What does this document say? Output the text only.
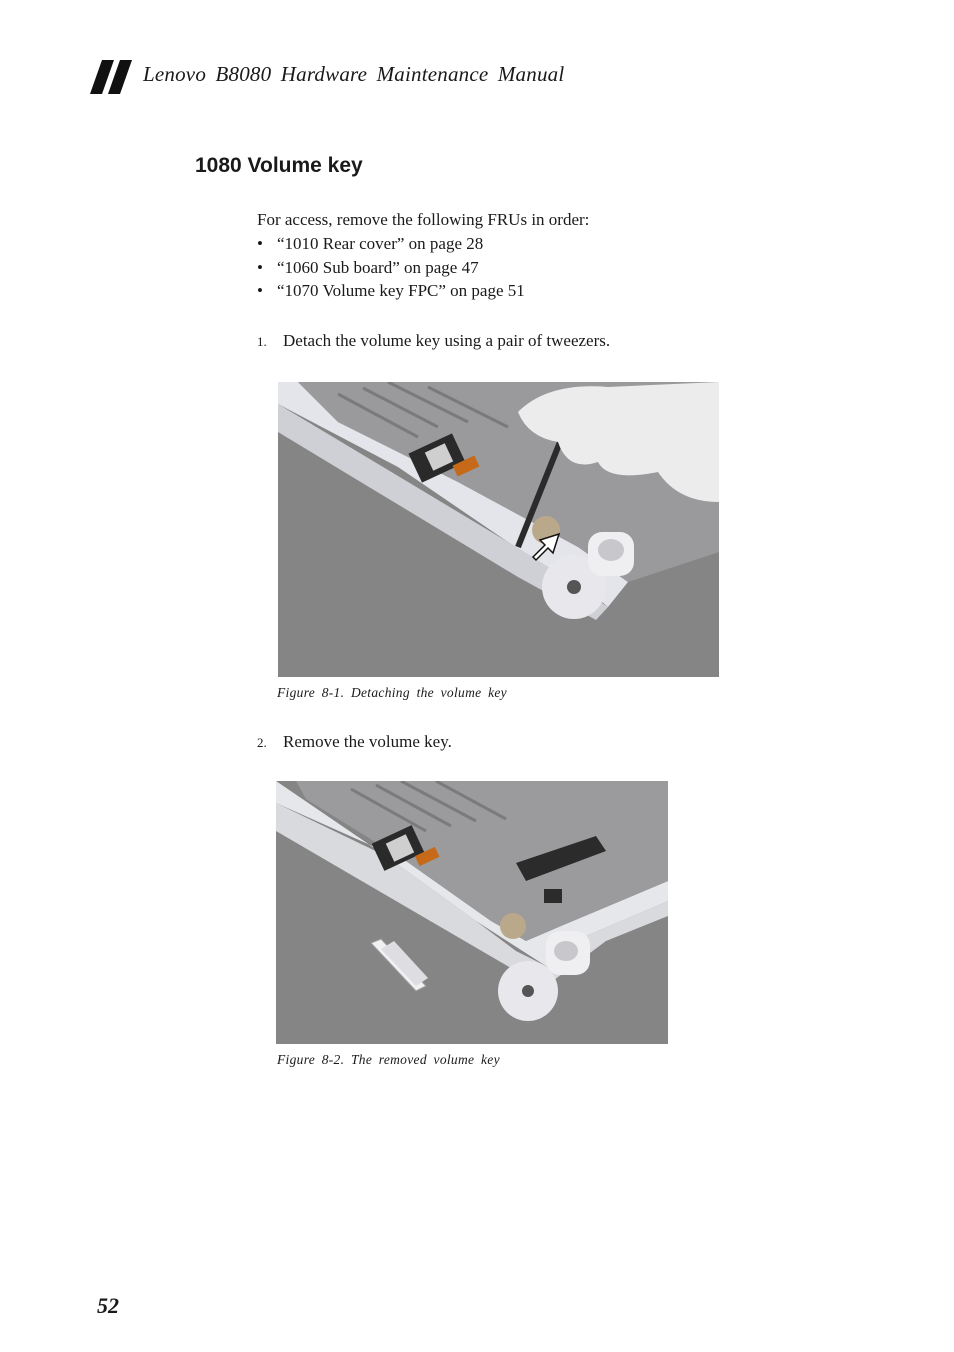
Lenovo B8080 Hardware Maintenance Manual
1080 Volume key
For access, remove the following FRUs in order:
• “1010 Rear cover” on page 28
• “1060 Sub board” on page 47
• “1070 Volume key FPC” on page 51
1. Detach the volume key using a pair of tweezers.
Figure 8-1. Detaching the volume key
2. Remove the volume key.
Figure 8-2. The removed volume key
52
